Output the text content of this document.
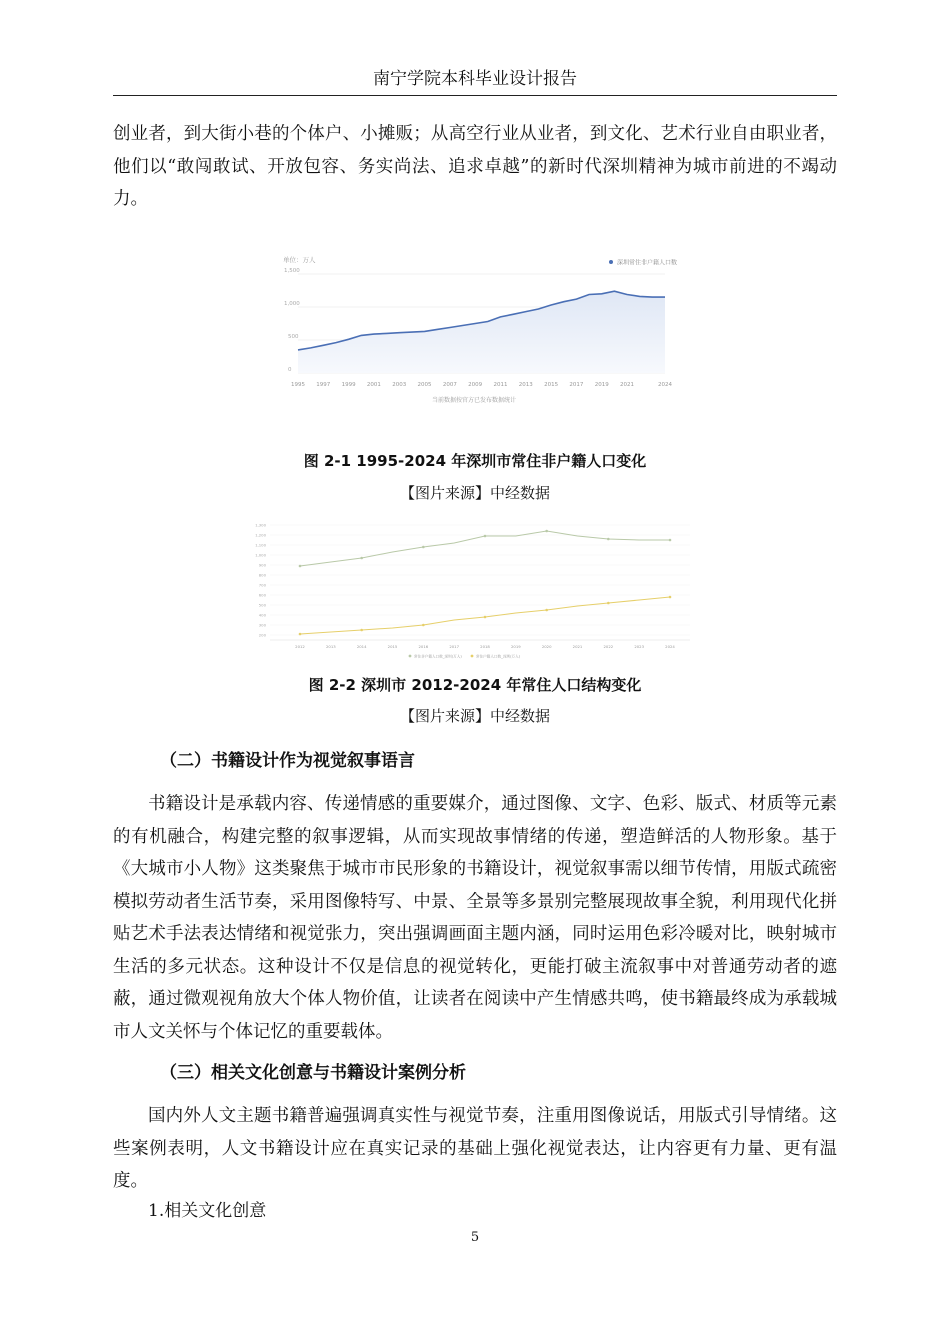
南宁学院本科毕业设计报告

创业者，到大街小巷的个体户、小摊贩；从高空行业从业者，到文化、艺术行业自由职业者，他们以“敢闯敢试、开放包容、务实尚法、追求卓越”的新时代深圳精神为城市前进的不竭动力。

单位：万人	深圳常住非户籍人口数
0
500
1,000
1,500
1995 1997 1999 2001 2003 2005 2007 2009 2011 2013 2015 2017 2019 2021	2024
当前数据按官方已发布数据统计
图 2-1 1995-2024 年深圳市常住非户籍人口变化
【图片来源】中经数据
200
300
400
500
600
700
800
900
1,000
1,100
1,200
1,300
2012	2013	2014	2015	2016	2017	2018	2019	2020	2021	2022	2023	2024
常住非户籍人口数_深圳(万人)	常住户籍人口数_深圳(万人)
图 2-2 深圳市 2012-2024 年常住人口结构变化
【图片来源】中经数据
（二）书籍设计作为视觉叙事语言

书籍设计是承载内容、传递情感的重要媒介，通过图像、文字、色彩、版式、材质等元素的有机融合，构建完整的叙事逻辑，从而实现故事情绪的传递，塑造鲜活的人物形象。基于《大城市小人物》这类聚焦于城市市民形象的书籍设计，视觉叙事需以细节传情，用版式疏密模拟劳动者生活节奏，采用图像特写、中景、全景等多景别完整展现故事全貌，利用现代化拼贴艺术手法表达情绪和视觉张力，突出强调画面主题内涵，同时运用色彩冷暖对比，映射城市生活的多元状态。这种设计不仅是信息的视觉转化，更能打破主流叙事中对普通劳动者的遮蔽，通过微观视角放大个体人物价值，让读者在阅读中产生情感共鸣，使书籍最终成为承载城市人文关怀与个体记忆的重要载体。

（三）相关文化创意与书籍设计案例分析

国内外人文主题书籍普遍强调真实性与视觉节奏，注重用图像说话，用版式引导情绪。这些案例表明，人文书籍设计应在真实记录的基础上强化视觉表达，让内容更有力量、更有温度。

1.相关文化创意
5
